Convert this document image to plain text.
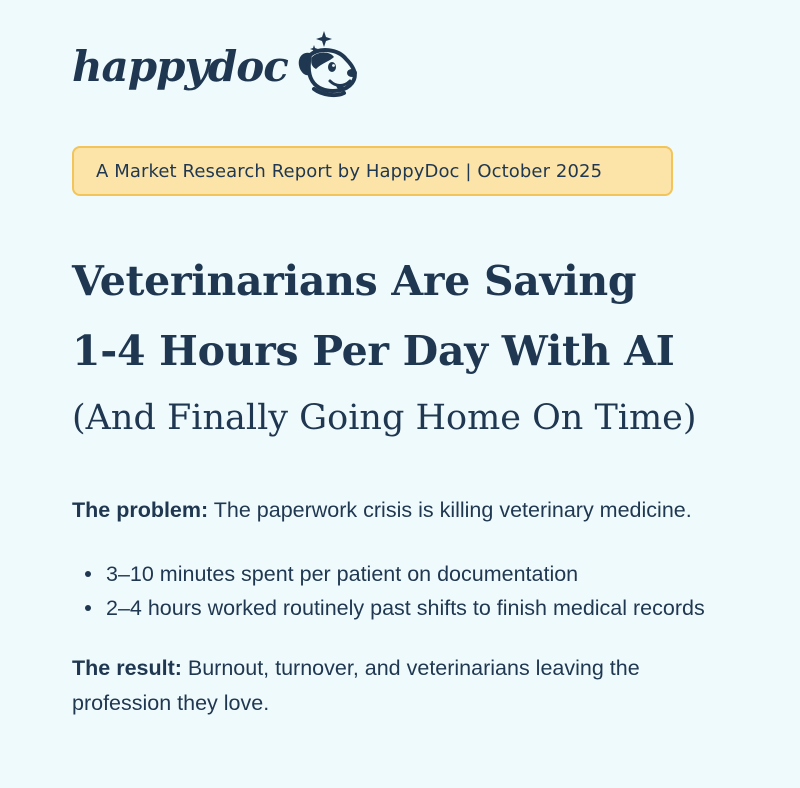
happydoc
A Market Research Report by HappyDoc | October 2025
Veterinarians Are Saving
1-4 Hours Per Day With AI
(And Finally Going Home On Time)

The problem: The paperwork crisis is killing veterinary medicine.

3–10 minutes spent per patient on documentation
2–4 hours worked routinely past shifts to finish medical records

The result: Burnout, turnover, and veterinarians leaving the profession they love.
